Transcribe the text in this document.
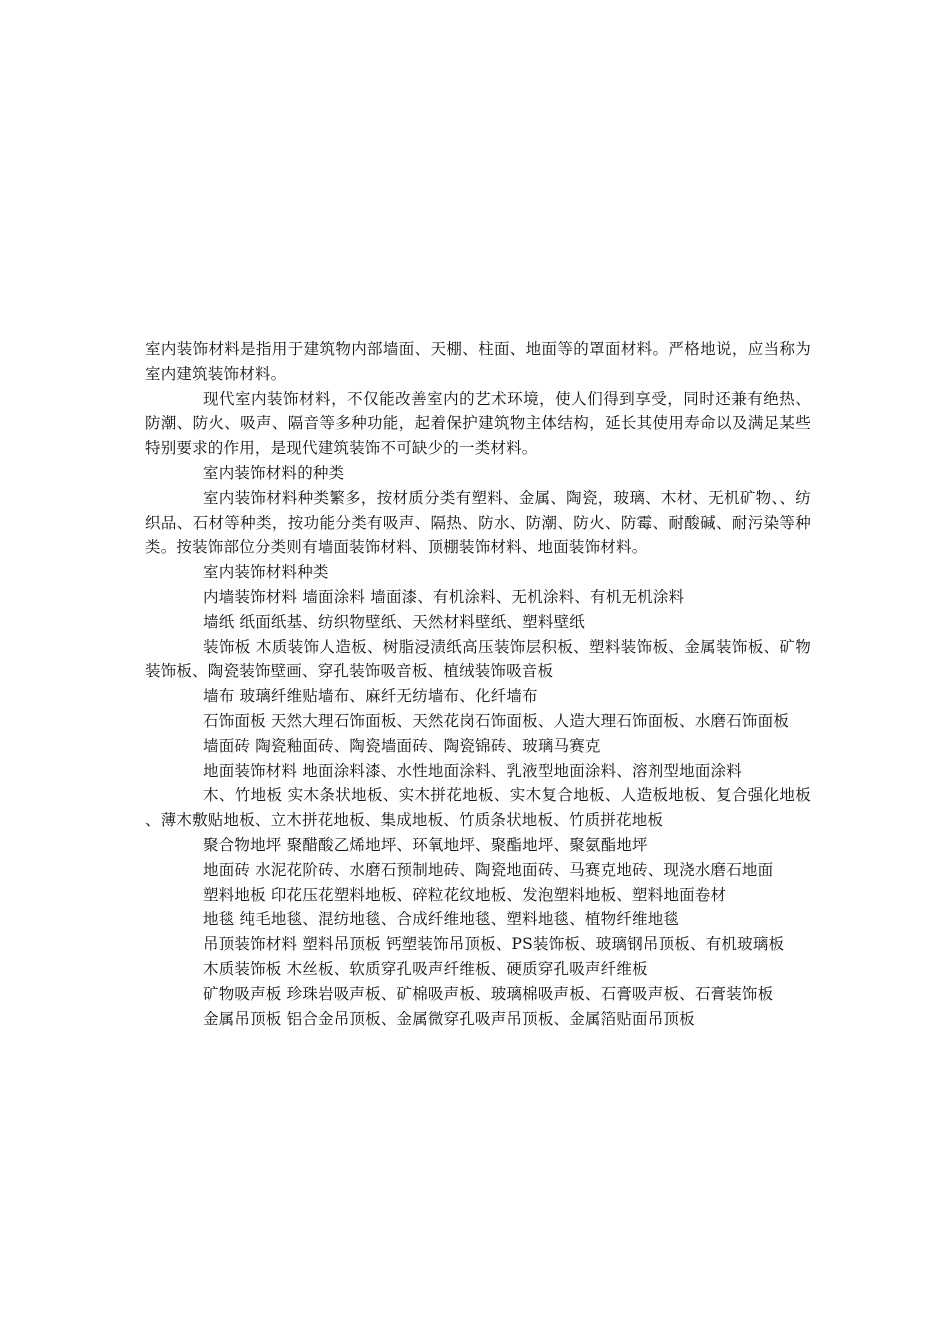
室内装饰材料是指用于建筑物内部墙面、天棚、柱面、地面等的罩面材料。严格地说，应当称为室内建筑装饰材料。

现代室内装饰材料，不仅能改善室内的艺术环境，使人们得到享受，同时还兼有绝热、防潮、防火、吸声、隔音等多种功能，起着保护建筑物主体结构，延长其使用寿命以及满足某些特别要求的作用，是现代建筑装饰不可缺少的一类材料。

室内装饰材料的种类

室内装饰材料种类繁多，按材质分类有塑料、金属、陶瓷，玻璃、木材、无机矿物、、纺织品、石材等种类，按功能分类有吸声、隔热、防水、防潮、防火、防霉、耐酸碱、耐污染等种类。按装饰部位分类则有墙面装饰材料、顶棚装饰材料、地面装饰材料。

室内装饰材料种类

内墙装饰材料 墙面涂料 墙面漆、有机涂料、无机涂料、有机无机涂料

墙纸 纸面纸基、纺织物壁纸、天然材料壁纸、塑料壁纸

装饰板 木质装饰人造板、树脂浸渍纸高压装饰层积板、塑料装饰板、金属装饰板、矿物装饰板、陶瓷装饰壁画、穿孔装饰吸音板、植绒装饰吸音板

墙布 玻璃纤维贴墙布、麻纤无纺墙布、化纤墙布

石饰面板 天然大理石饰面板、天然花岗石饰面板、人造大理石饰面板、水磨石饰面板

墙面砖 陶瓷釉面砖、陶瓷墙面砖、陶瓷锦砖、玻璃马赛克

地面装饰材料 地面涂料漆、水性地面涂料、乳液型地面涂料、溶剂型地面涂料

木、竹地板 实木条状地板、实木拼花地板、实木复合地板、人造板地板、复合强化地板、薄木敷贴地板、立木拼花地板、集成地板、竹质条状地板、竹质拼花地板

聚合物地坪 聚醋酸乙烯地坪、环氧地坪、聚酯地坪、聚氨酯地坪

地面砖 水泥花阶砖、水磨石预制地砖、陶瓷地面砖、马赛克地砖、现浇水磨石地面

塑料地板 印花压花塑料地板、碎粒花纹地板、发泡塑料地板、塑料地面卷材

地毯 纯毛地毯、混纺地毯、合成纤维地毯、塑料地毯、植物纤维地毯

吊顶装饰材料 塑料吊顶板 钙塑装饰吊顶板、PS装饰板、玻璃钢吊顶板、有机玻璃板

木质装饰板 木丝板、软质穿孔吸声纤维板、硬质穿孔吸声纤维板

矿物吸声板 珍珠岩吸声板、矿棉吸声板、玻璃棉吸声板、石膏吸声板、石膏装饰板

金属吊顶板 铝合金吊顶板、金属微穿孔吸声吊顶板、金属箔贴面吊顶板
